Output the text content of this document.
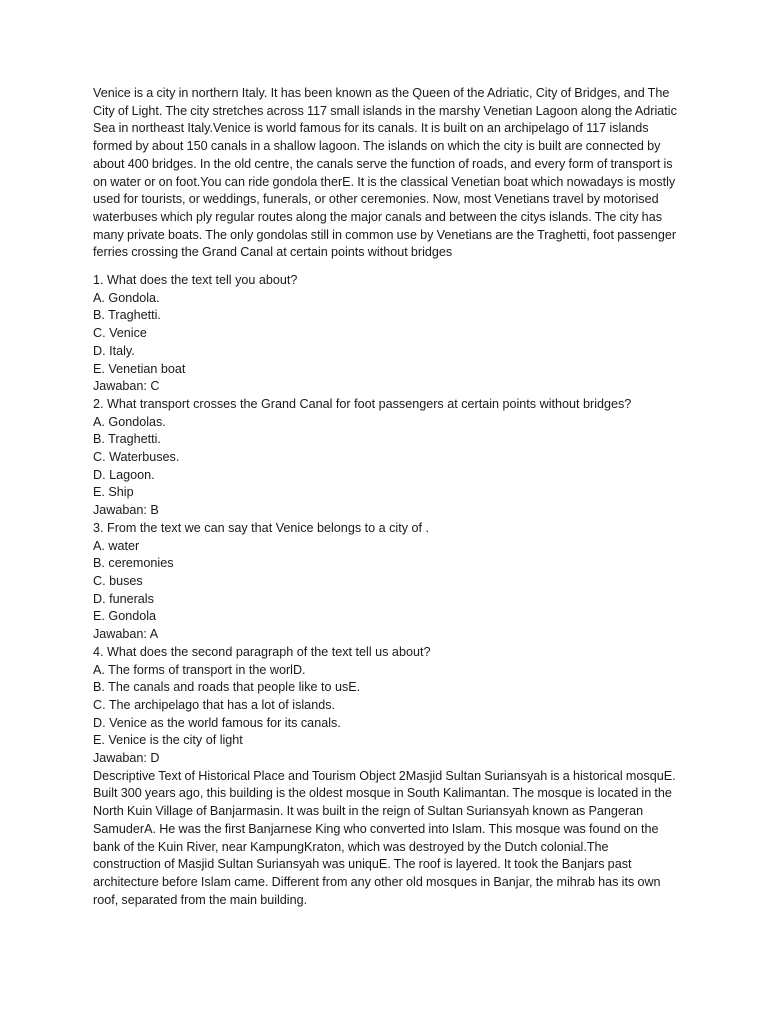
Venice is a city in northern Italy. It has been known as the Queen of the Adriatic, City of Bridges, and The City of Light. The city stretches across 117 small islands in the marshy Venetian Lagoon along the Adriatic Sea in northeast Italy.Venice is world famous for its canals. It is built on an archipelago of 117 islands formed by about 150 canals in a shallow lagoon. The islands on which the city is built are connected by about 400 bridges. In the old centre, the canals serve the function of roads, and every form of transport is on water or on foot.You can ride gondola therE. It is the classical Venetian boat which nowadays is mostly used for tourists, or weddings, funerals, or other ceremonies. Now, most Venetians travel by motorised waterbuses which ply regular routes along the major canals and between the citys islands. The city has many private boats. The only gondolas still in common use by Venetians are the Traghetti, foot passenger ferries crossing the Grand Canal at certain points without bridges

1. What does the text tell you about?
A. Gondola.
B. Traghetti.
C. Venice
D. Italy.
E. Venetian boat
Jawaban: C
2. What transport crosses the Grand Canal for foot passengers at certain points without bridges?
A. Gondolas.
B. Traghetti.
C. Waterbuses.
D. Lagoon.
E. Ship
Jawaban: B
3. From the text we can say that Venice belongs to a city of .
A. water
B. ceremonies
C. buses
D. funerals
E. Gondola
Jawaban: A
4. What does the second paragraph of the text tell us about?
A. The forms of transport in the worlD.
B. The canals and roads that people like to usE.
C. The archipelago that has a lot of islands.
D. Venice as the world famous for its canals.
E. Venice is the city of light
Jawaban: D

Descriptive Text of Historical Place and Tourism Object 2Masjid Sultan Suriansyah is a historical mosquE. Built 300 years ago, this building is the oldest mosque in South Kalimantan. The mosque is located in the North Kuin Village of Banjarmasin. It was built in the reign of Sultan Suriansyah known as Pangeran SamuderA. He was the first Banjarnese King who converted into Islam. This mosque was found on the bank of the Kuin River, near KampungKraton, which was destroyed by the Dutch colonial.The construction of Masjid Sultan Suriansyah was uniquE. The roof is layered. It took the Banjars past architecture before Islam came. Different from any other old mosques in Banjar, the mihrab has its own roof, separated from the main building.
